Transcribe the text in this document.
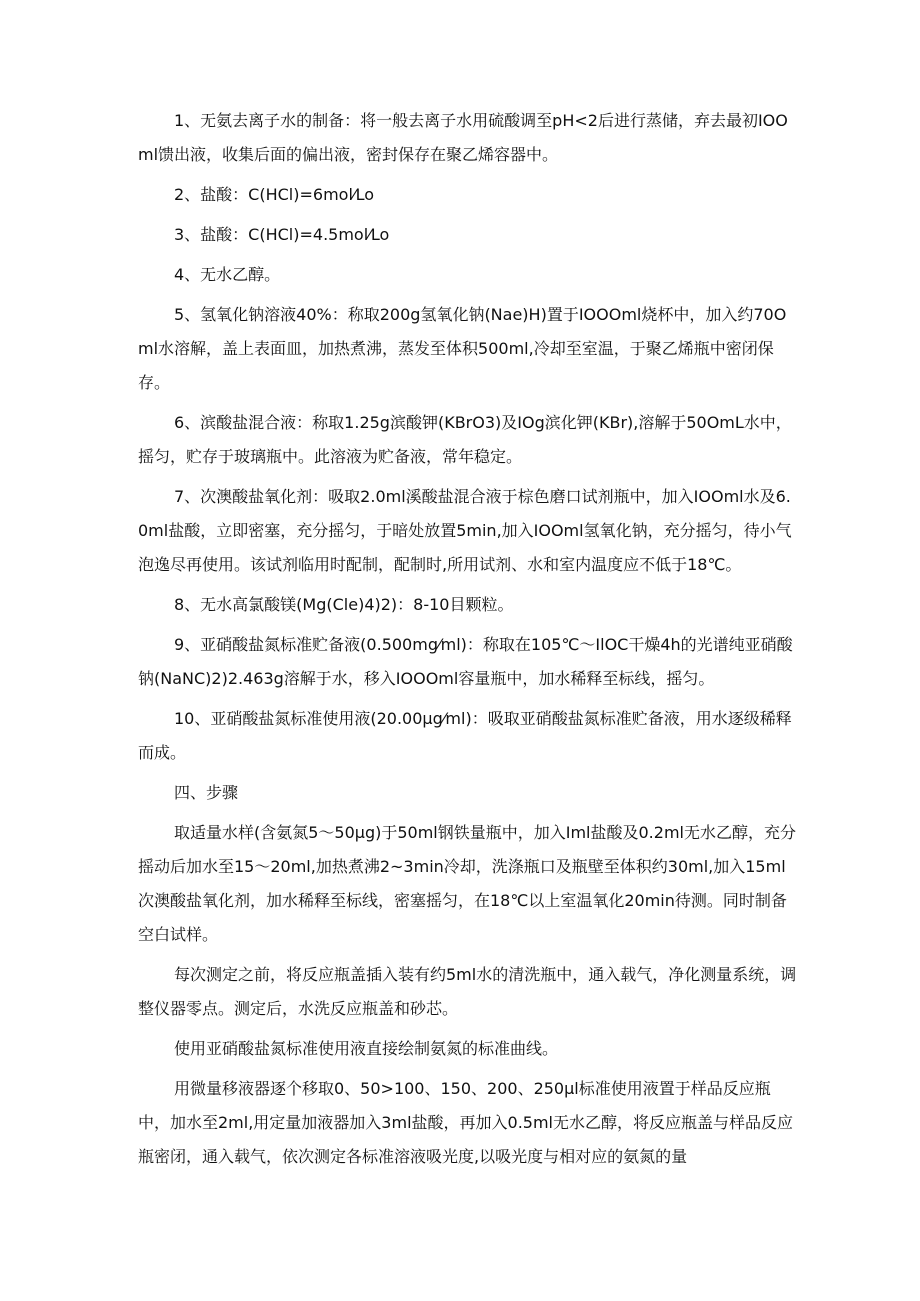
1、无氨去离子水的制备：将一般去离子水用硫酸调至pH<2后进行蒸储，弃去最初IOOml馈出液，收集后面的偏出液，密封保存在聚乙烯容器中。

2、盐酸：C(HCl)=6mol⁄Lo

3、盐酸：C(HCl)=4.5mol⁄Lo

4、无水乙醇。

5、氢氧化钠溶液40%：称取200g氢氧化钠(Nae)H)置于IOOOml烧杯中，加入约70Oml水溶解，盖上表面皿，加热煮沸，蒸发至体积500ml,冷却至室温，于聚乙烯瓶中密闭保存。

6、滨酸盐混合液：称取1.25g滨酸钾(KBrO3)及IOg滨化钾(KBr),溶解于50OmL水中，摇匀，贮存于玻璃瓶中。此溶液为贮备液，常年稳定。

7、次澳酸盐氧化剂：吸取2.0ml溪酸盐混合液于棕色磨口试剂瓶中，加入IOOml水及6.0ml盐酸，立即密塞，充分摇匀，于暗处放置5min,加入IOOml氢氧化钠，充分摇匀，待小气泡逸尽再使用。该试剂临用时配制，配制时,所用试剂、水和室内温度应不低于18℃。

8、无水高氯酸镁(Mg(Cle)4)2)：8-10目颗粒。

9、亚硝酸盐氮标准贮备液(0.500mg⁄ml)：称取在105℃～IlOC干燥4h的光谱纯亚硝酸钠(NaNC)2)2.463g溶解于水，移入IOOOml容量瓶中，加水稀释至标线，摇匀。

10、亚硝酸盐氮标准使用液(20.00μg⁄ml)：吸取亚硝酸盐氮标准贮备液，用水逐级稀释而成。

四、步骤

取适量水样(含氨氮5～50μg)于50ml钢铁量瓶中，加入Iml盐酸及0.2ml无水乙醇，充分摇动后加水至15～20ml,加热煮沸2~3min冷却，洗涤瓶口及瓶壁至体积约30ml,加入15ml次澳酸盐氧化剂，加水稀释至标线，密塞摇匀，在18℃以上室温氧化20min待测。同时制备空白试样。

每次测定之前，将反应瓶盖插入装有约5ml水的清洗瓶中，通入载气，净化测量系统，调整仪器零点。测定后，水洗反应瓶盖和砂芯。

使用亚硝酸盐氮标准使用液直接绘制氨氮的标准曲线。

用微量移液器逐个移取0、50>100、150、200、250μl标准使用液置于样品反应瓶中，加水至2ml,用定量加液器加入3ml盐酸，再加入0.5ml无水乙醇，将反应瓶盖与样品反应瓶密闭，通入载气，依次测定各标准溶液吸光度,以吸光度与相对应的氨氮的量
